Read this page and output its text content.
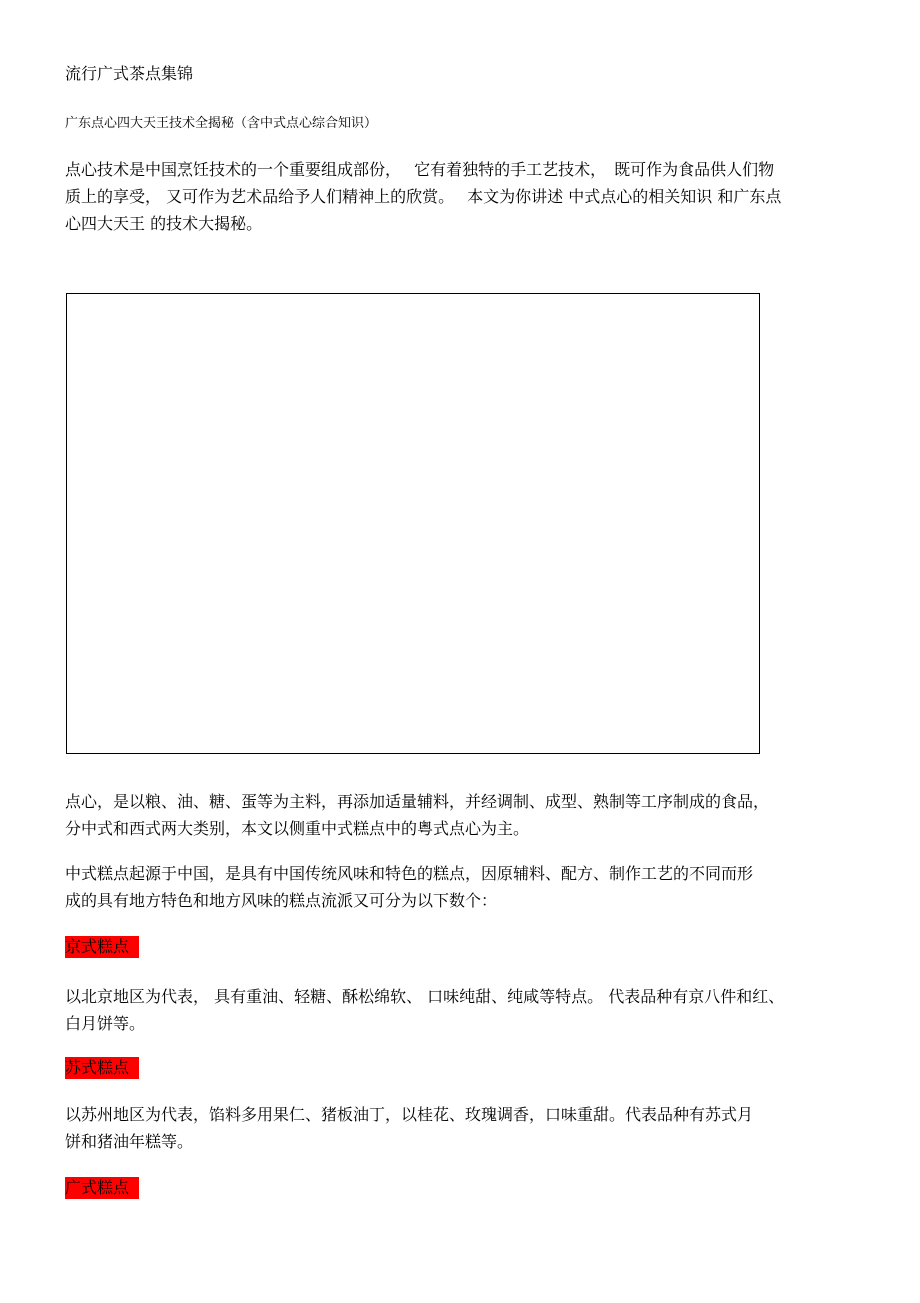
流行广式茶点集锦
广东点心四大天王技术全揭秘（含中式点心综合知识）
点心技术是中国烹饪技术的一个重要组成部份，　 它有着独特的手工艺技术，　既可作为食品供人们物
质上的享受， 又可作为艺术品给予人们精神上的欣赏。　 本文为你讲述 中式点心的相关知识 和广东点
心四大天王 的技术大揭秘。
点心，是以粮、油、糖、蛋等为主料，再添加适量辅料，并经调制、成型、熟制等工序制成的食品，
分中式和西式两大类别，本文以侧重中式糕点中的粤式点心为主。
中式糕点起源于中国，是具有中国传统风味和特色的糕点，因原辅料、配方、制作工艺的不同而形
成的具有地方特色和地方风味的糕点流派又可分为以下数个：
京式糕点
以北京地区为代表， 具有重油、轻糖、酥松绵软、 口味纯甜、纯咸等特点。 代表品种有京八件和红、
白月饼等。
苏式糕点
以苏州地区为代表，馅料多用果仁、猪板油丁，以桂花、玫瑰调香，口味重甜。代表品种有苏式月
饼和猪油年糕等。
广式糕点
